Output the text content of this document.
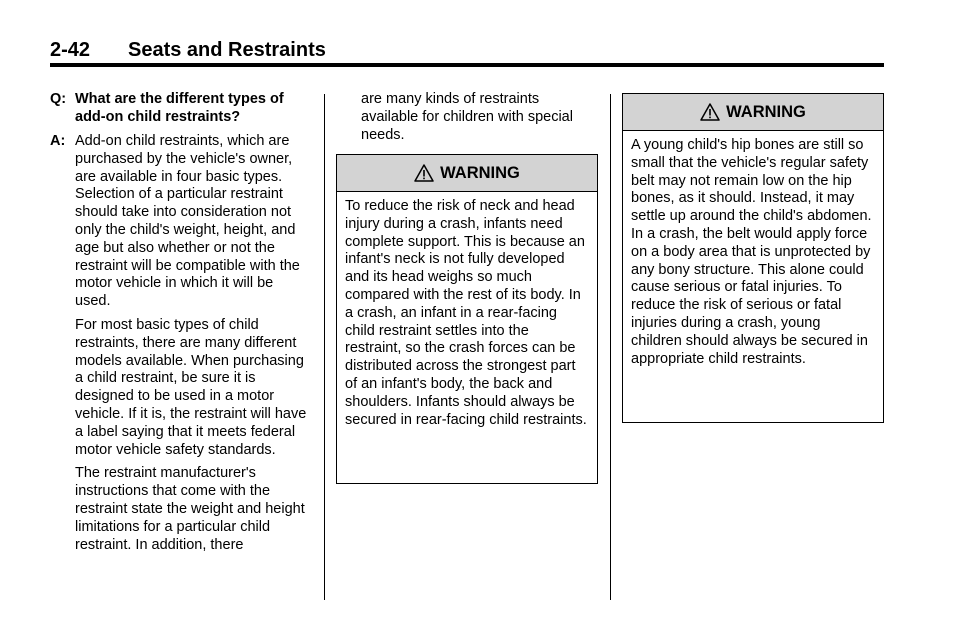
2-42 Seats and Restraints
Q: What are the different types of add-on child restraints?
A: Add-on child restraints, which are purchased by the vehicle's owner, are available in four basic types. Selection of a particular restraint should take into consideration not only the child's weight, height, and age but also whether or not the restraint will be compatible with the motor vehicle in which it will be used.

For most basic types of child restraints, there are many different models available. When purchasing a child restraint, be sure it is designed to be used in a motor vehicle. If it is, the restraint will have a label saying that it meets federal motor vehicle safety standards.

The restraint manufacturer's instructions that come with the restraint state the weight and height limitations for a particular child restraint. In addition, there

are many kinds of restraints available for children with special needs.
WARNING
To reduce the risk of neck and head injury during a crash, infants need complete support. This is because an infant's neck is not fully developed and its head weighs so much compared with the rest of its body. In a crash, an infant in a rear-facing child restraint settles into the restraint, so the crash forces can be distributed across the strongest part of an infant's body, the back and shoulders. Infants should always be secured in rear-facing child restraints.
WARNING
A young child's hip bones are still so small that the vehicle's regular safety belt may not remain low on the hip bones, as it should. Instead, it may settle up around the child's abdomen. In a crash, the belt would apply force on a body area that is unprotected by any bony structure. This alone could cause serious or fatal injuries. To reduce the risk of serious or fatal injuries during a crash, young children should always be secured in appropriate child restraints.
